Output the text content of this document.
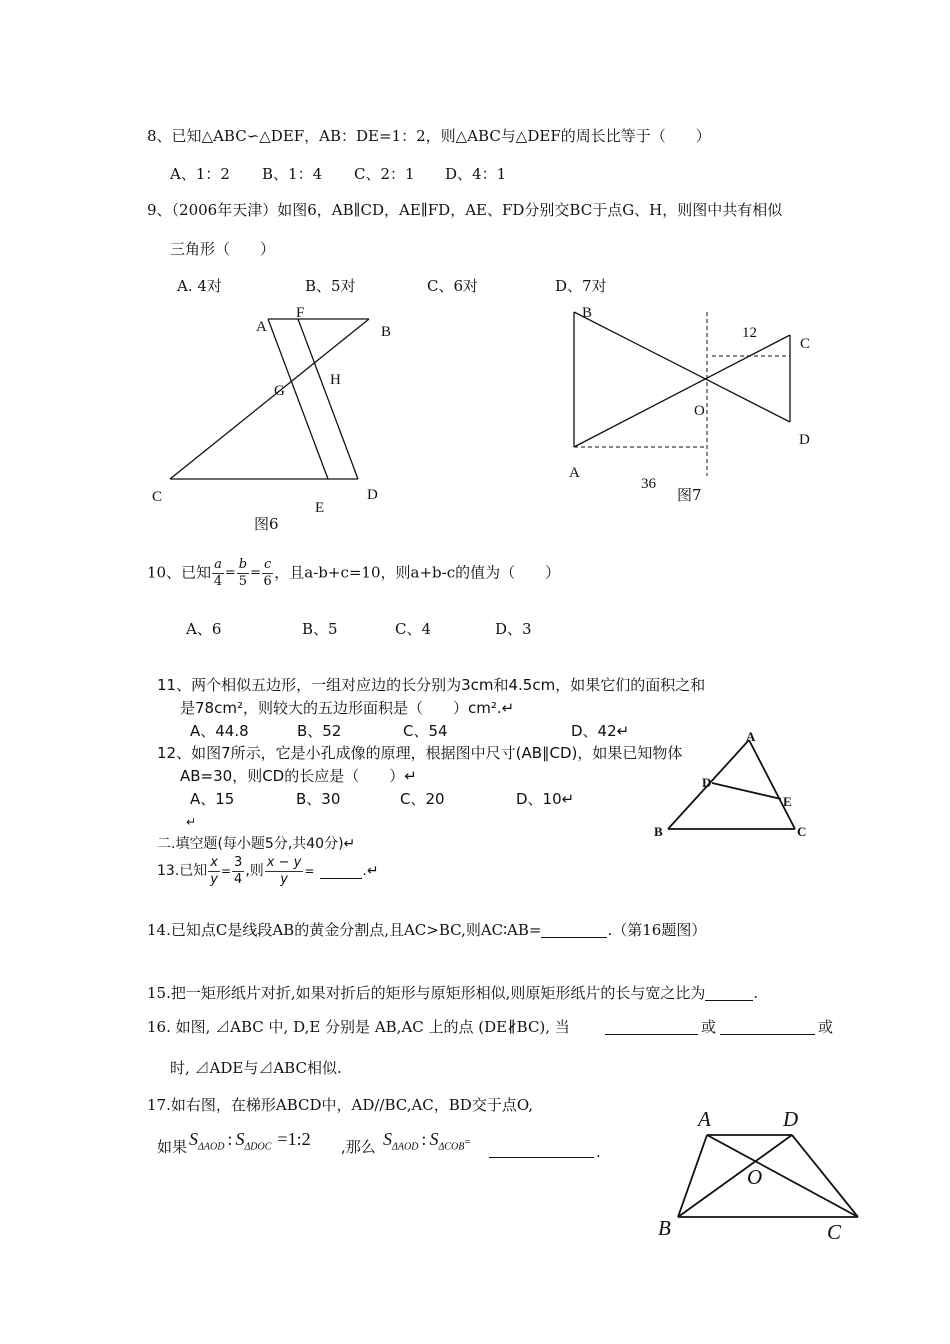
8、已知△ABC∽△DEF，AB：DE=1：2，则△ABC与△DEF的周长比等于（　　）
A、1：2 B、1：4 C、2：1 D、4：1
9、（2006年天津）如图6，AB∥CD，AE∥FD，AE、FD分别交BC于点G、H，则图中共有相似
三角形（　　）
A. 4对	B、5对	C、6对	D、7对
A
F
B
G
H
C
E
D
图6
B
12
C
O
D
A
36
图7
10、已知 $\frac{a}{4} = \frac{b}{5} = \frac{c}{6}$ ，且a-b+c=10，则a+b-c的值为（　　）
A、6	B、5	C、4	D、3
11、两个相似五边形，一组对应边的长分别为3cm和4.5cm，如果它们的面积之和
是78cm²，则较大的五边形面积是（　　）cm².↵
A、44.8	B、52	C、54	D、42↵
12、如图7所示，它是小孔成像的原理，根据图中尺寸(AB∥CD)，如果已知物体
AB=30，则CD的长应是（　　）↵
A、15	B、30	C、20	D、10↵
↵
A
D
E
B	C
二.填空题(每小题5分,共40分)↵
13.已知 $\frac{x}{y} = \frac{3}{4}$ ,则 $\frac{x - y}{y}$ =	.↵
14.已知点C是线段AB的黄金分割点,且AC>BC,则AC∶AB=	.（第16题图）
15.把一矩形纸片对折,如果对折后的矩形与原矩形相似,则原矩形纸片的长与宽之比为	.
16. 如图, ⊿ABC 中, D,E 分别是 AB,AC 上的点 (DE∦BC), 当	或	或
时, ⊿ADE与⊿ABC相似.
17.如右图，在梯形ABCD中，AD//BC,AC，BD交于点O,
如果 $S_{\Delta AOD}$ : $S_{\Delta DOC}$ =1:2 ,那么 $S_{\Delta AOD}$ : $S_{\Delta COB}=$
.
A	D
O
B	C
